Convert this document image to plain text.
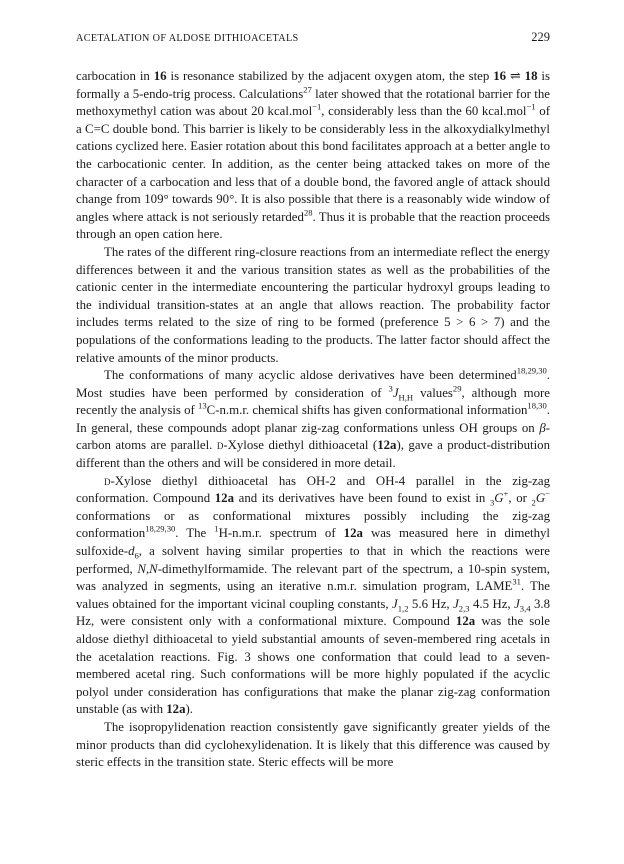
ACETALATION OF ALDOSE DITHIOACETALS	229

carbocation in 16 is resonance stabilized by the adjacent oxygen atom, the step 16 ⇌ 18 is formally a 5-endo-trig process. Calculations$^{27}$ later showed that the rotational barrier for the methoxymethyl cation was about 20 kcal.mol$^{-1}$, considerably less than the 60 kcal.mol$^{-1}$ of a C=C double bond. This barrier is likely to be considerably less in the alkoxydialkylmethyl cations cyclized here. Easier rotation about this bond facilitates approach at a better angle to the carbocationic center. In addition, as the center being attacked takes on more of the character of a carbocation and less that of a double bond, the favored angle of attack should change from 109° towards 90°. It is also possible that there is a reasonably wide window of angles where attack is not seriously retarded$^{28}$. Thus it is probable that the reaction proceeds through an open cation here.

The rates of the different ring-closure reactions from an intermediate reflect the energy differences between it and the various transition states as well as the probabilities of the cationic center in the intermediate encountering the particular hydroxyl groups leading to the individual transition-states at an angle that allows reaction. The probability factor includes terms related to the size of ring to be formed (preference 5 > 6 > 7) and the populations of the conformations leading to the products. The latter factor should affect the relative amounts of the minor products.

The conformations of many acyclic aldose derivatives have been determined$^{18,29,30}$. Most studies have been performed by consideration of $^3J_{H,H}$ values$^{29}$, although more recently the analysis of $^{13}$C-n.m.r. chemical shifts has given conformational information$^{18,30}$. In general, these compounds adopt planar zig-zag conformations unless OH groups on β-carbon atoms are parallel. d-Xylose diethyl dithioacetal (12a), gave a product-distribution different than the others and will be considered in more detail.

d-Xylose diethyl dithioacetal has OH-2 and OH-4 parallel in the zig-zag conformation. Compound 12a and its derivatives have been found to exist in $_3$G+, or $_2$G− conformations or as conformational mixtures possibly including the zig-zag conformation$^{18,29,30}$. The $^1$H-n.m.r. spectrum of 12a was measured here in dimethyl sulfoxide-$d_6$, a solvent having similar properties to that in which the reactions were performed, N,N-dimethylformamide. The relevant part of the spectrum, a 10-spin system, was analyzed in segments, using an iterative n.m.r. simulation program, LAME$^{31}$. The values obtained for the important vicinal coupling constants, $J_{1,2}$ 5.6 Hz, $J_{2,3}$ 4.5 Hz, $J_{3,4}$ 3.8 Hz, were consistent only with a conformational mixture. Compound 12a was the sole aldose diethyl dithioacetal to yield substantial amounts of seven-membered ring acetals in the acetalation reactions. Fig. 3 shows one conformation that could lead to a seven-membered acetal ring. Such conformations will be more highly populated if the acyclic polyol under consideration has configurations that make the planar zig-zag conformation unstable (as with 12a).

The isopropylidenation reaction consistently gave significantly greater yields of the minor products than did cyclohexylidenation. It is likely that this difference was caused by steric effects in the transition state. Steric effects will be more
